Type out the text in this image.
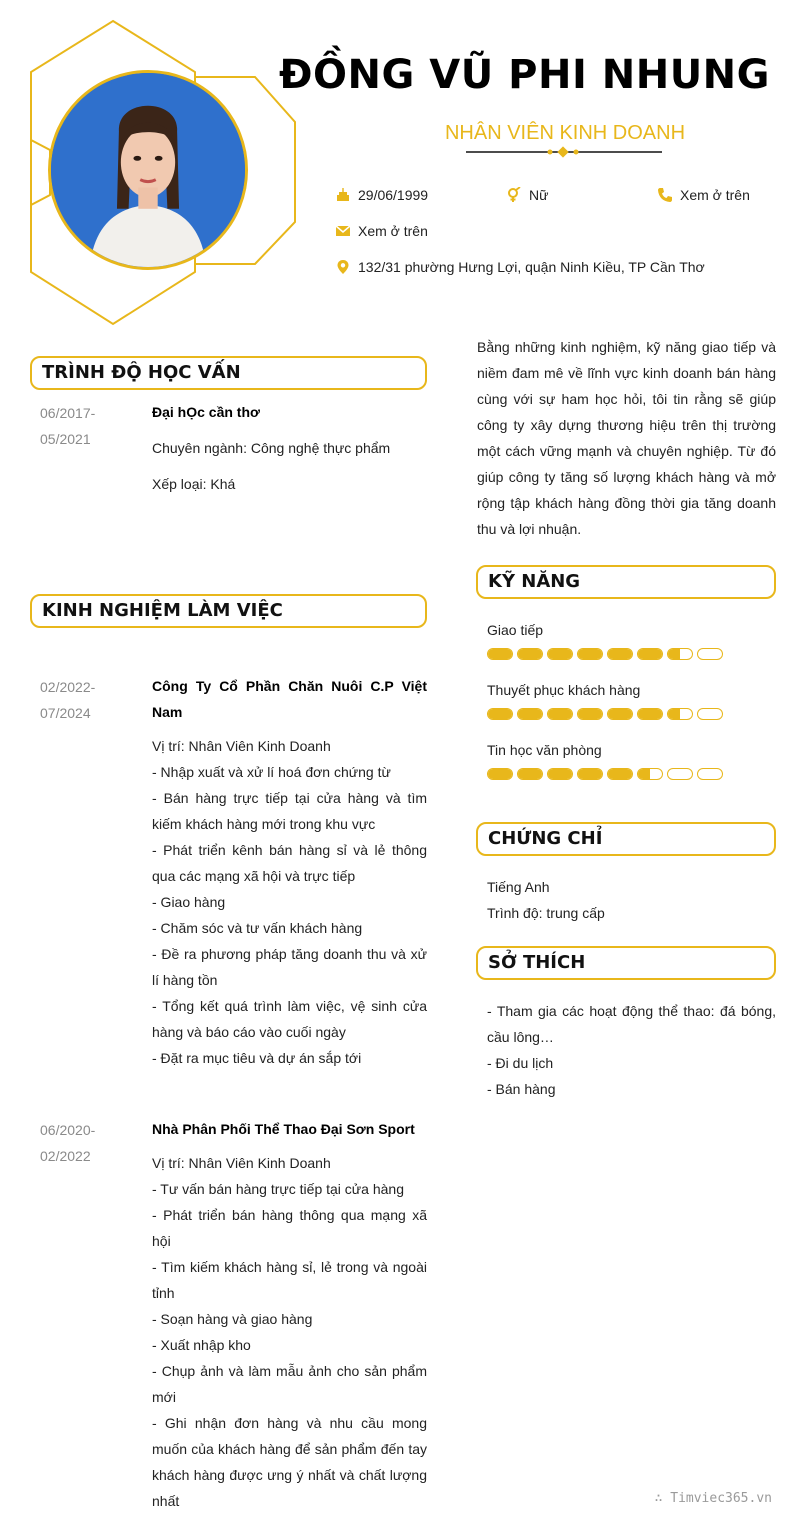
ĐỒNG VŨ PHI NHUNG
NHÂN VIÊN KINH DOANH
29/06/1999	Nữ	Xem ở trên
Xem ở trên
132/31 phường Hưng Lợi, quận Ninh Kiều, TP Cần Thơ
TRÌNH ĐỘ HỌC VẤN
06/2017-
05/2021
Đại hỌc cần thơ
Chuyên ngành: Công nghệ thực phẩm
Xếp loại: Khá
KINH NGHIỆM LÀM VIỆC
02/2022-
07/2024
Công Ty Cổ Phần Chăn Nuôi C.P Việt Nam
Vị trí: Nhân Viên Kinh Doanh
- Nhập xuất và xử lí hoá đơn chứng từ
- Bán hàng trực tiếp tại cửa hàng và tìm kiếm khách hàng mới trong khu vực
- Phát triển kênh bán hàng sỉ và lẻ thông qua các mạng xã hội và trực tiếp
- Giao hàng
- Chăm sóc và tư vấn khách hàng
- Đề ra phương pháp tăng doanh thu và xử lí hàng tồn
- Tổng kết quá trình làm việc, vệ sinh cửa hàng và báo cáo vào cuối ngày
- Đặt ra mục tiêu và dự án sắp tới
06/2020-
02/2022
Nhà Phân Phối Thể Thao Đại Sơn Sport
Vị trí: Nhân Viên Kinh Doanh
- Tư vấn bán hàng trực tiếp tại cửa hàng
- Phát triển bán hàng thông qua mạng xã hội
- Tìm kiếm khách hàng sỉ, lẻ trong và ngoài tỉnh
- Soạn hàng và giao hàng
- Xuất nhập kho
- Chụp ảnh và làm mẫu ảnh cho sản phẩm mới
- Ghi nhận đơn hàng và nhu cầu mong muốn của khách hàng để sản phẩm đến tay khách hàng được ưng ý nhất và chất lượng nhất
Bằng những kinh nghiệm, kỹ năng giao tiếp và niềm đam mê về lĩnh vực kinh doanh bán hàng cùng với sự ham học hỏi, tôi tin rằng sẽ giúp công ty xây dựng thương hiệu trên thị trường một cách vững mạnh và chuyên nghiệp. Từ đó giúp công ty tăng số lượng khách hàng và mở rộng tập khách hàng đồng thời gia tăng doanh thu và lợi nhuận.
KỸ NĂNG
Giao tiếp
Thuyết phục khách hàng
Tin học văn phòng
CHỨNG CHỈ
Tiếng Anh
Trình độ: trung cấp
SỞ THÍCH
- Tham gia các hoạt động thể thao: đá bóng, cầu lông…
- Đi du lịch
- Bán hàng
∴ Timviec365.vn
